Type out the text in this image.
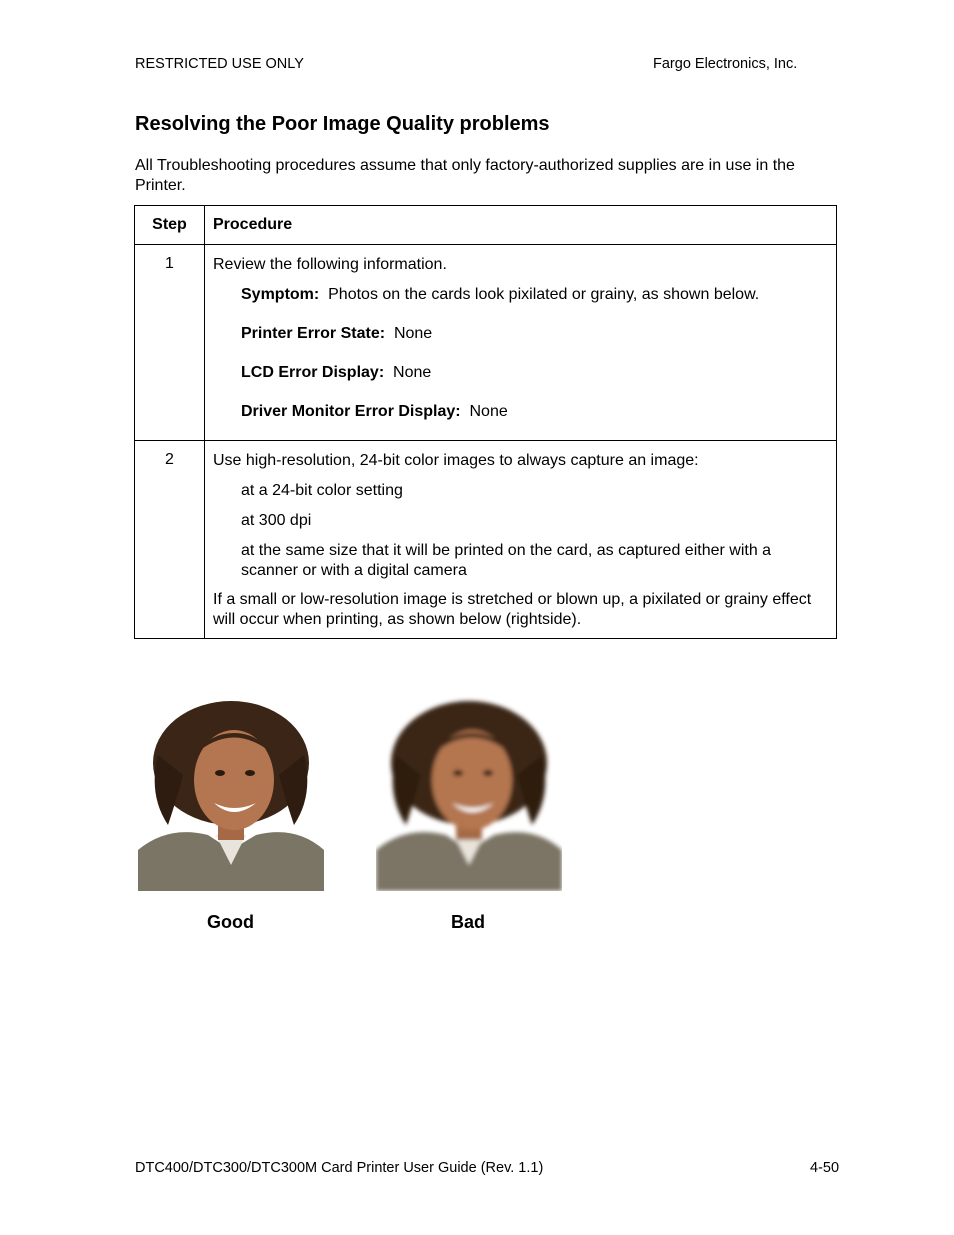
RESTRICTED USE ONLY	Fargo Electronics, Inc.
Resolving the Poor Image Quality problems
All Troubleshooting procedures assume that only factory-authorized supplies are in use in the Printer.
Step	Procedure
1	Review the following information.
Symptom: Photos on the cards look pixilated or grainy, as shown below.
Printer Error State: None
LCD Error Display: None
Driver Monitor Error Display: None

2	Use high-resolution, 24-bit color images to always capture an image:
at a 24-bit color setting
at 300 dpi
at the same size that it will be printed on the card, as captured either with a scanner or with a digital camera
If a small or low-resolution image is stretched or blown up, a pixilated or grainy effect will occur when printing, as shown below (rightside).
Good	Bad
DTC400/DTC300/DTC300M Card Printer User Guide (Rev. 1.1)	4-50
